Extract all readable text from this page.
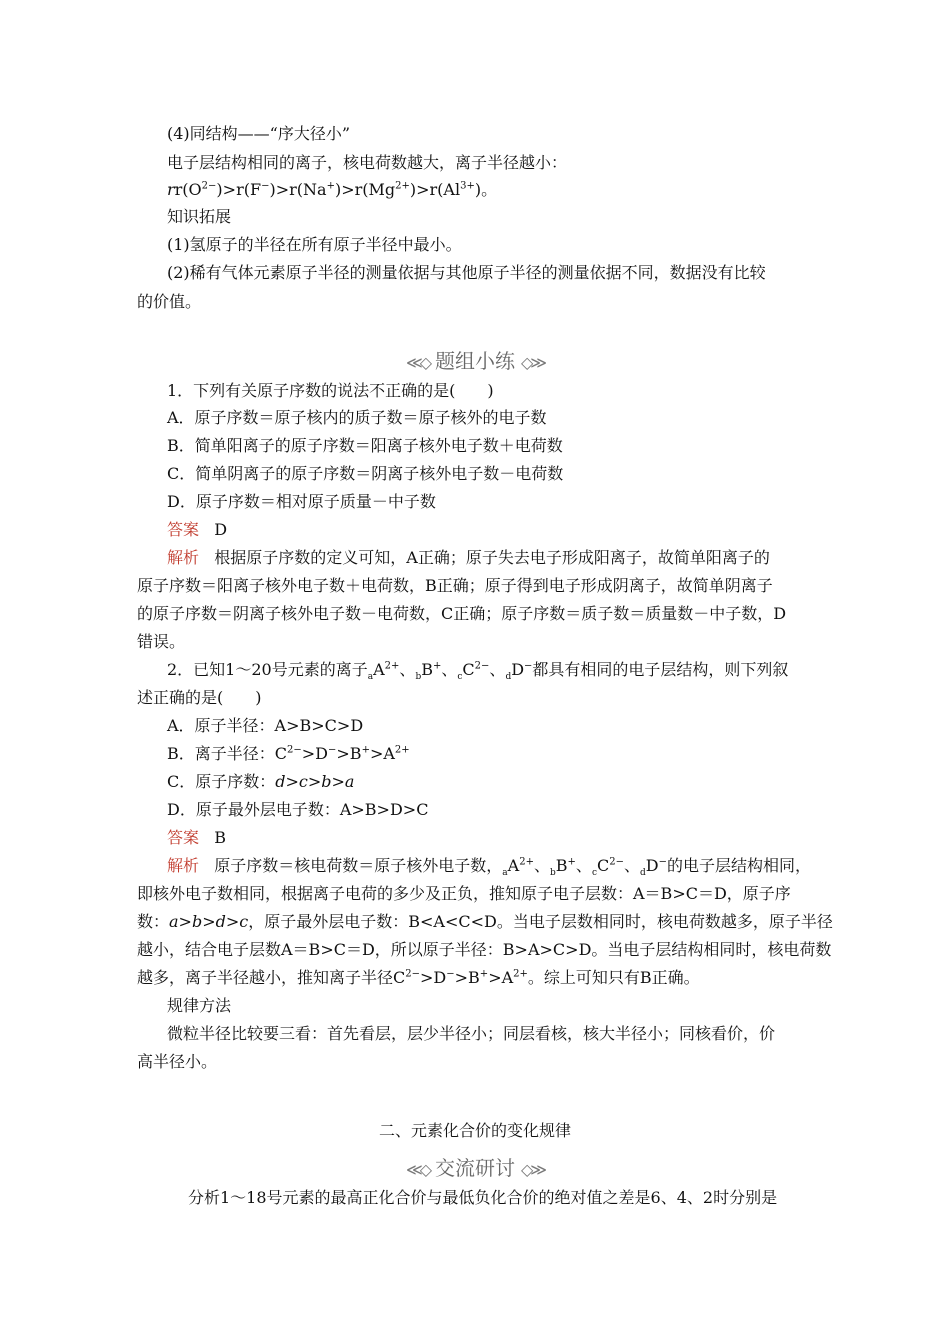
(4)同结构——“序大径小”
电子层结构相同的离子，核电荷数越大，离子半径越小：
$rr(O^{2-})>r(F^-)>r(Na^+)>r(Mg^{2+})>r(Al^{3+})$。
知识拓展
(1)氢原子的半径在所有原子半径中最小。
(2)稀有气体元素原子半径的测量依据与其他原子半径的测量依据不同，数据没有比较
的价值。
≪◇ 题组小练 ◇≫
1．下列有关原子序数的说法不正确的是(　　)
A．原子序数＝原子核内的质子数＝原子核外的电子数
B．简单阳离子的原子序数＝阳离子核外电子数＋电荷数
C．简单阴离子的原子序数＝阴离子核外电子数－电荷数
D．原子序数＝相对原子质量－中子数
答案 D
解析 根据原子序数的定义可知，A正确；原子失去电子形成阳离子，故简单阳离子的
原子序数＝阳离子核外电子数＋电荷数，B正确；原子得到电子形成阴离子，故简单阴离子
的原子序数＝阴离子核外电子数－电荷数，C正确；原子序数＝质子数＝质量数－中子数，D
错误。
2．已知1～20号元素的离子$_aA^{2+}$、$_b$B+、$_cC^{2-}$、$_d$D−都具有相同的电子层结构，则下列叙
述正确的是(　　)
A．原子半径：A>B>C>D
B．离子半径：$C^{2-}>D^->B^+>A^{2+}$
C．原子序数：d>c>b>a
D．原子最外层电子数：A>B>D>C
答案 B
解析 原子序数＝核电荷数＝原子核外电子数，$_aA^{2+}$、$_b$B+、$_cC^{2-}$、$_d$D−的电子层结构相同，
即核外电子数相同，根据离子电荷的多少及正负，推知原子电子层数：A＝B>C＝D，原子序
数：a>b>d>c，原子最外层电子数：B<A<C<D。当电子层数相同时，核电荷数越多，原子半径
越小，结合电子层数A＝B>C＝D，所以原子半径：B>A>C>D。当电子层结构相同时，核电荷数
越多，离子半径越小，推知离子半径$C^{2-}>D^->B^+>A^{2+}$。综上可知只有B正确。
规律方法
微粒半径比较要三看：首先看层，层少半径小；同层看核，核大半径小；同核看价，价
高半径小。
二、元素化合价的变化规律
≪◇ 交流研讨 ◇≫
分析1～18号元素的最高正化合价与最低负化合价的绝对值之差是6、4、2时分别是
